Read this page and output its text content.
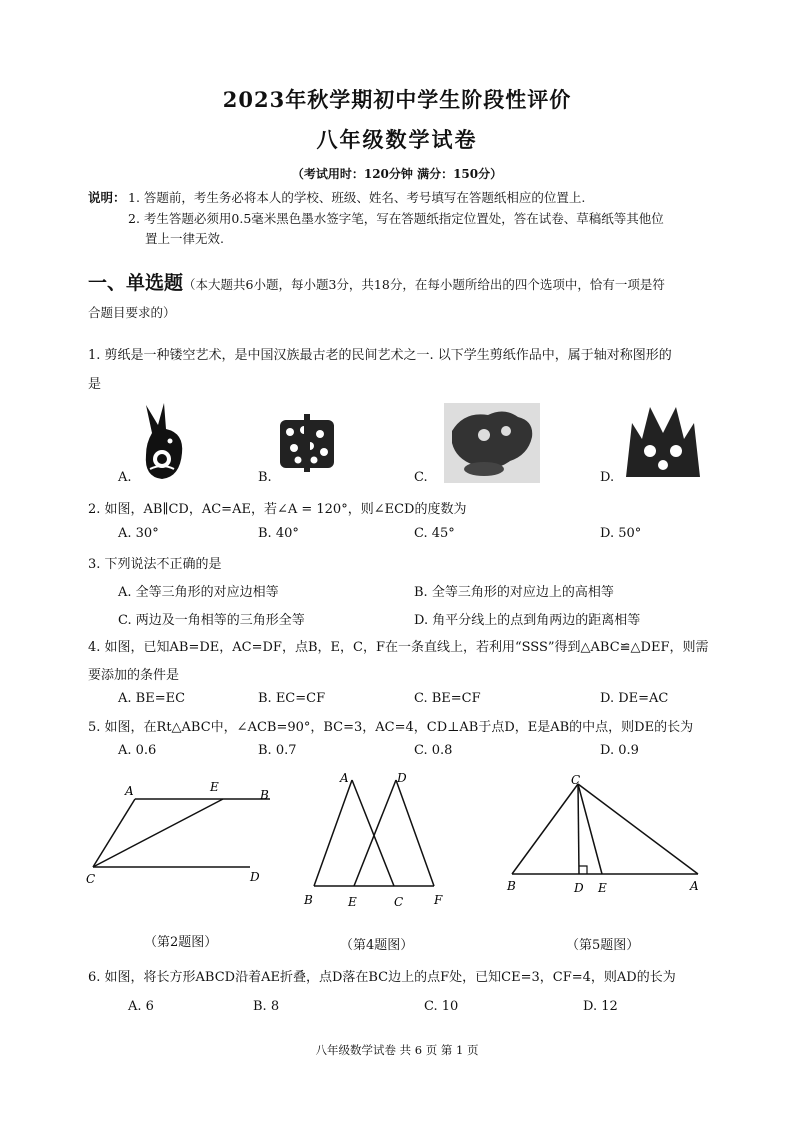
2023年秋学期初中学生阶段性评价
八年级数学试卷
（考试用时：120分钟 满分：150分）
说明： 1. 答题前，考生务必将本人的学校、班级、姓名、考号填写在答题纸相应的位置上.
2. 考生答题必须用0.5毫米黑色墨水签字笔，写在答题纸指定位置处，答在试卷、草稿纸等其他位
置上一律无效.
一、单选题（本大题共6小题，每小题3分，共18分，在每小题所给出的四个选项中，恰有一项是符
合题目要求的）
1. 剪纸是一种镂空艺术，是中国汉族最古老的民间艺术之一. 以下学生剪纸作品中，属于轴对称图形的
是
A.	B.	C.	D.
2. 如图，AB∥CD，AC=AE，若∠A = 120°，则∠ECD的度数为
A. 30°	B. 40°	C. 45°	D. 50°
3. 下列说法不正确的是
A. 全等三角形的对应边相等	B. 全等三角形的对应边上的高相等
C. 两边及一角相等的三角形全等	D. 角平分线上的点到角两边的距离相等
4. 如图，已知AB=DE，AC=DF，点B，E，C，F在一条直线上，若利用“SSS”得到△ABC≌△DEF，则需
要添加的条件是
A. BE=EC	B. EC=CF	C. BE=CF	D. DE=AC
5. 如图，在Rt△ABC中，∠ACB=90°，BC=3，AC=4，CD⊥AB于点D，E是AB的中点，则DE的长为
A. 0.6	B. 0.7	C. 0.8	D. 0.9
A	E
B
C	D
（第2题图）
A	D
B	E	C	F
（第4题图）
C
B	D E	A
（第5题图）
6. 如图，将长方形ABCD沿着AE折叠，点D落在BC边上的点F处，已知CE=3，CF=4，则AD的长为
A. 6	B. 8	C. 10	D. 12
八年级数学试卷 共 6 页 第 1 页
